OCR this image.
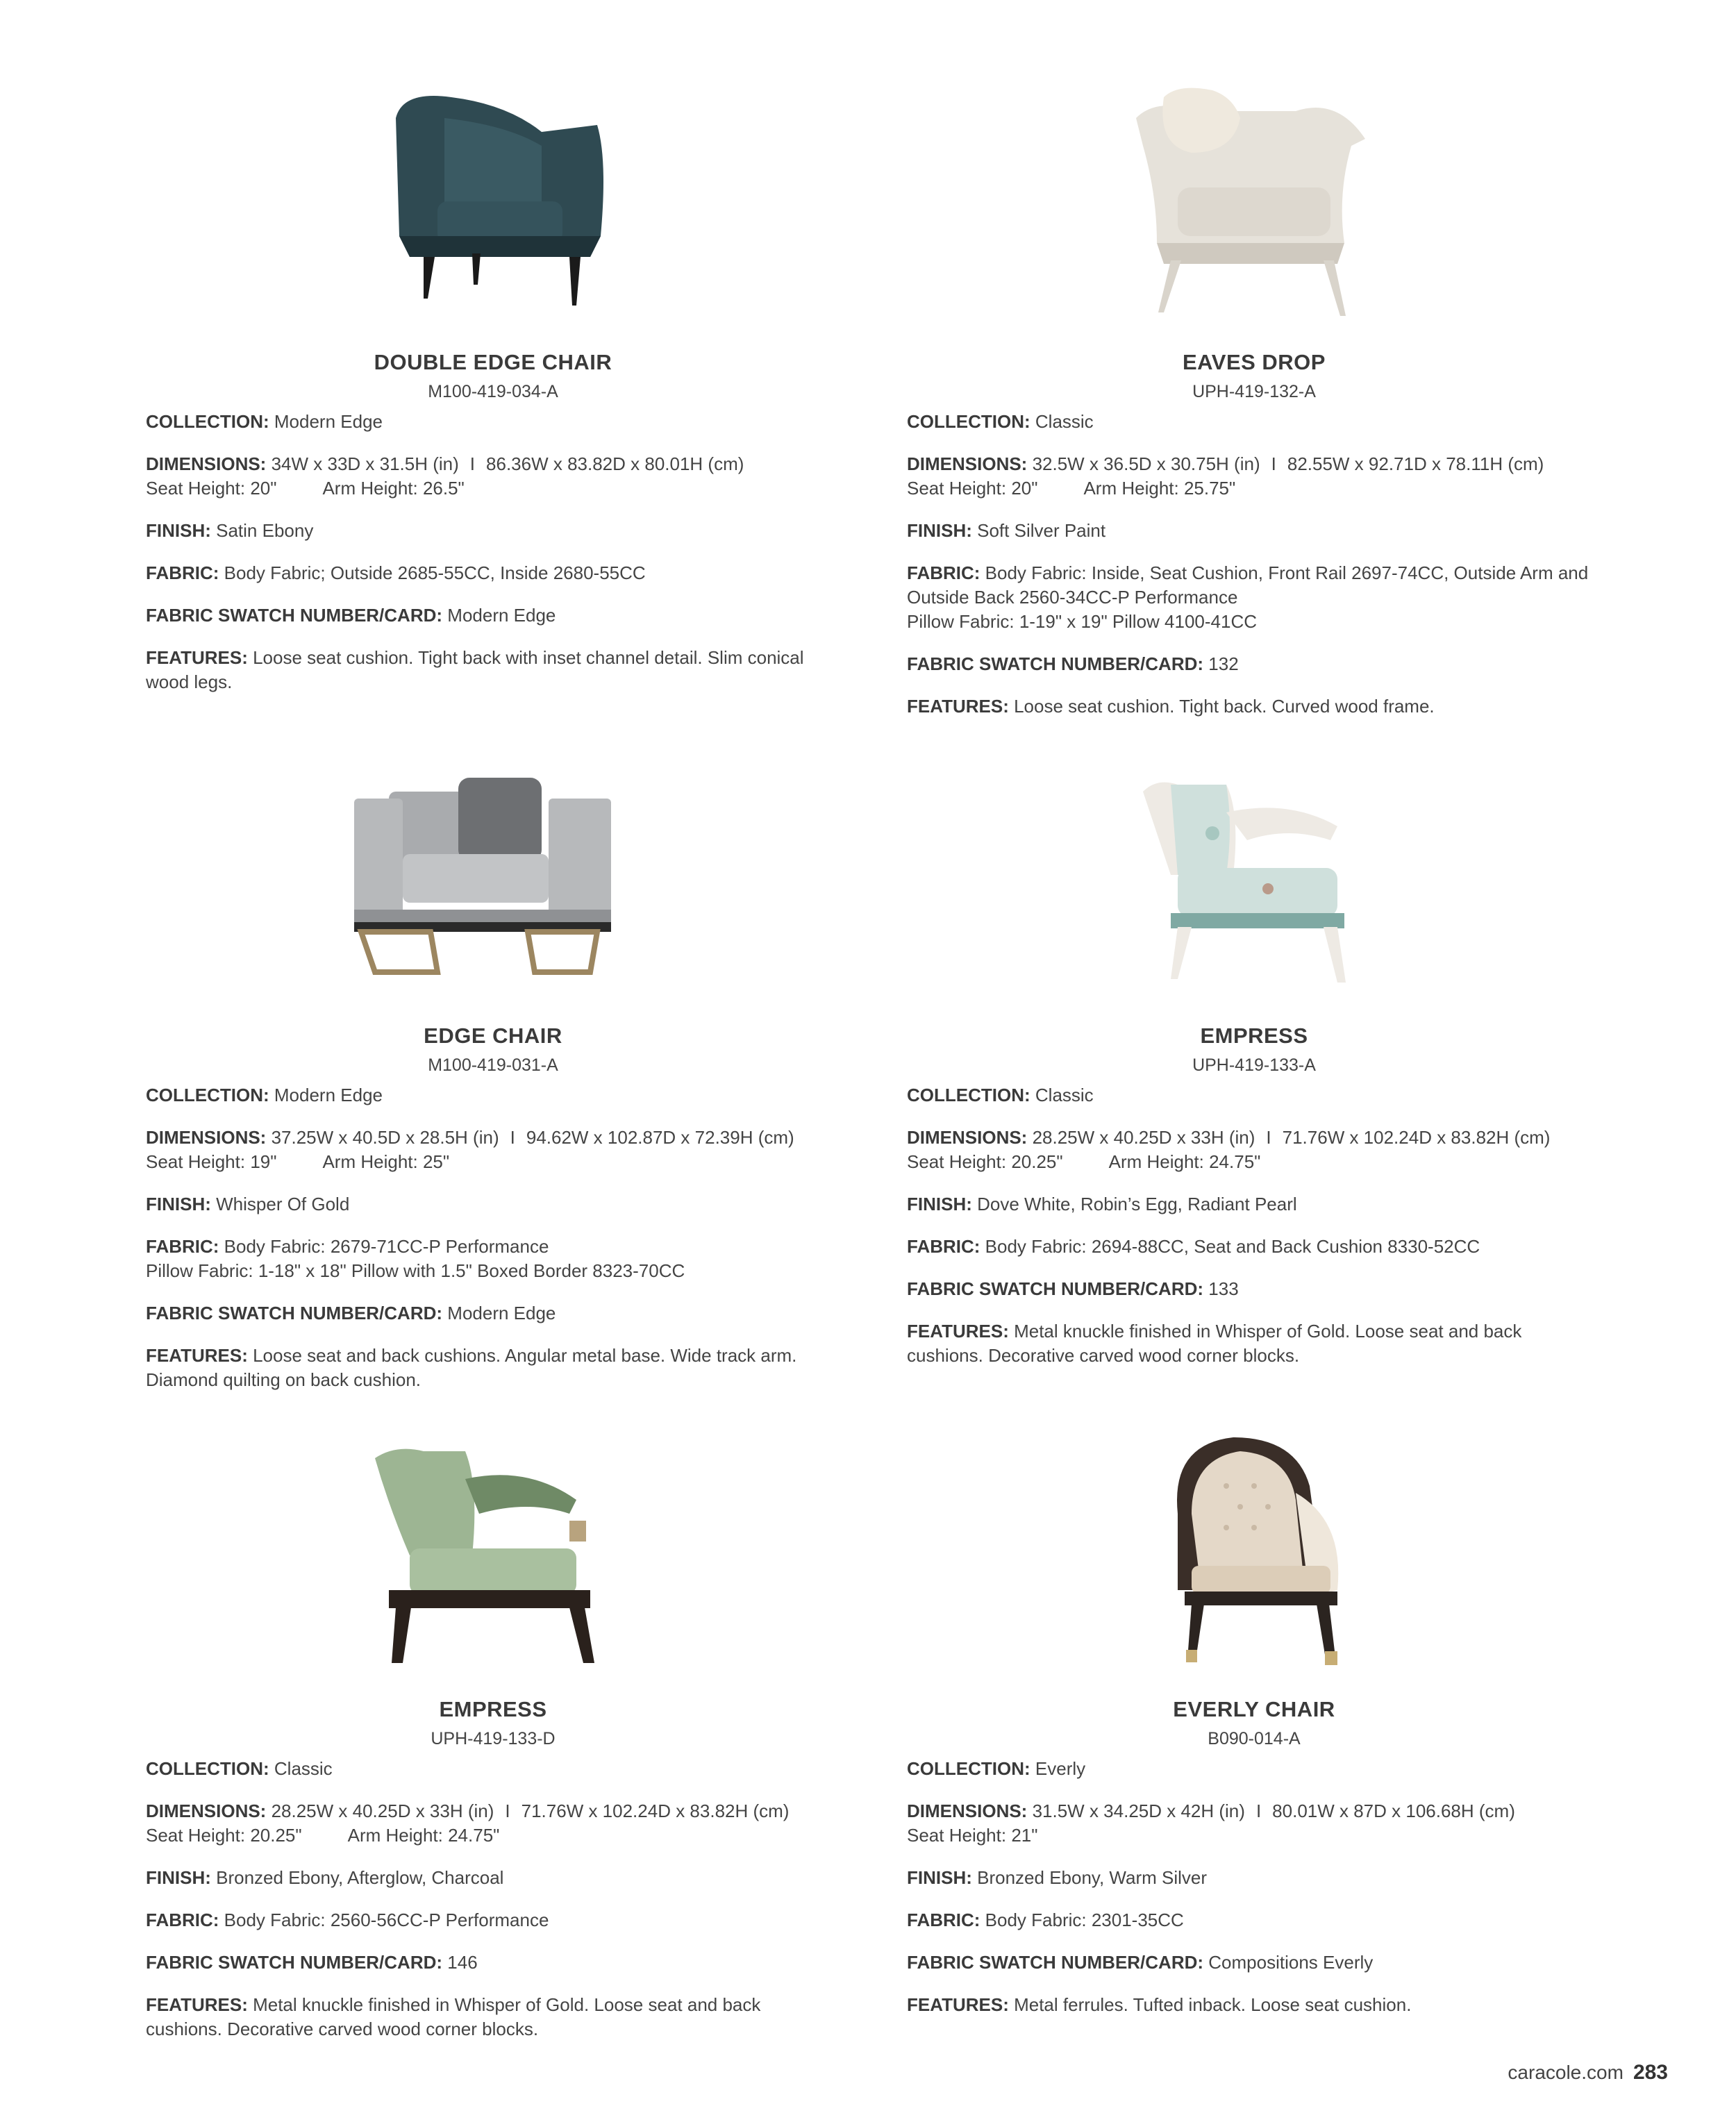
DOUBLE EDGE CHAIR
M100-419-034-A

COLLECTION: Modern Edge

DIMENSIONS: 34W x 33D x 31.5H (in) I 86.36W x 83.82D x 80.01H (cm)
Seat Height: 20"	Arm Height: 26.5"

FINISH: Satin Ebony

FABRIC: Body Fabric; Outside 2685-55CC, Inside 2680-55CC

FABRIC SWATCH NUMBER/CARD: Modern Edge

FEATURES: Loose seat cushion. Tight back with inset channel detail. Slim conical wood legs.

EAVES DROP
UPH-419-132-A

COLLECTION: Classic

DIMENSIONS: 32.5W x 36.5D x 30.75H (in) I 82.55W x 92.71D x 78.11H (cm)
Seat Height: 20"	Arm Height: 25.75"

FINISH: Soft Silver Paint

FABRIC: Body Fabric: Inside, Seat Cushion, Front Rail 2697-74CC, Outside Arm and Outside Back 2560-34CC-P Performance
Pillow Fabric: 1-19" x 19" Pillow 4100-41CC

FABRIC SWATCH NUMBER/CARD: 132

FEATURES: Loose seat cushion. Tight back. Curved wood frame.

EDGE CHAIR
M100-419-031-A

COLLECTION: Modern Edge

DIMENSIONS: 37.25W x 40.5D x 28.5H (in) I 94.62W x 102.87D x 72.39H (cm)
Seat Height: 19"	Arm Height: 25"

FINISH: Whisper Of Gold

FABRIC: Body Fabric: 2679-71CC-P Performance
Pillow Fabric: 1-18" x 18" Pillow with 1.5" Boxed Border 8323-70CC

FABRIC SWATCH NUMBER/CARD: Modern Edge

FEATURES: Loose seat and back cushions. Angular metal base. Wide track arm. Diamond quilting on back cushion.

EMPRESS
UPH-419-133-A

COLLECTION: Classic

DIMENSIONS: 28.25W x 40.25D x 33H (in) I 71.76W x 102.24D x 83.82H (cm)
Seat Height: 20.25"	Arm Height: 24.75"

FINISH: Dove White, Robin’s Egg, Radiant Pearl

FABRIC: Body Fabric: 2694-88CC, Seat and Back Cushion 8330-52CC

FABRIC SWATCH NUMBER/CARD: 133

FEATURES: Metal knuckle finished in Whisper of Gold. Loose seat and back cushions. Decorative carved wood corner blocks.

EMPRESS
UPH-419-133-D

COLLECTION: Classic

DIMENSIONS: 28.25W x 40.25D x 33H (in) I 71.76W x 102.24D x 83.82H (cm)
Seat Height: 20.25"	Arm Height: 24.75"

FINISH: Bronzed Ebony, Afterglow, Charcoal

FABRIC: Body Fabric: 2560-56CC-P Performance

FABRIC SWATCH NUMBER/CARD: 146

FEATURES: Metal knuckle finished in Whisper of Gold. Loose seat and back cushions. Decorative carved wood corner blocks.

EVERLY CHAIR
B090-014-A

COLLECTION: Everly

DIMENSIONS: 31.5W x 34.25D x 42H (in) I 80.01W x 87D x 106.68H (cm)
Seat Height: 21"

FINISH: Bronzed Ebony, Warm Silver

FABRIC: Body Fabric: 2301-35CC

FABRIC SWATCH NUMBER/CARD: Compositions Everly

FEATURES: Metal ferrules. Tufted inback. Loose seat cushion.

caracole.com 283
